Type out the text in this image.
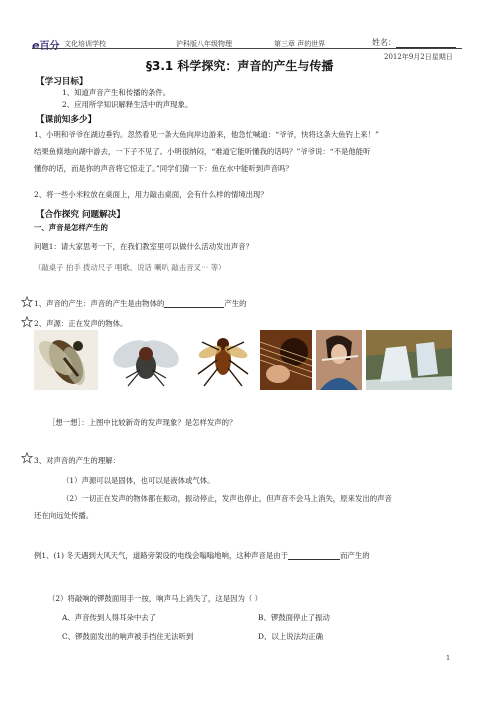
e百分 文化培训学校	沪科版八年级物理	第三章 声的世界	姓名：
2012年9月2日星期日
§3.1 科学探究：声音的产生与传播
【学习目标】
1、知道声音产生和传播的条件。
2、应用所学知识解释生活中的声现象。
【课前知多少】
1、小明和爷爷在湖边垂钓。忽然看见一条大鱼向岸边游来，他急忙喊道：“爷爷，快将这条大鱼钓上来！”
结果鱼倏地向湖中游去，一下子不见了。小明很纳闷，“难道它能听懂我的话吗？”爷爷说：“不是他能听
懂你的话，而是你的声音将它惊走了。”同学们猜一下：鱼在水中能听到声音吗？
2、将一些小米粒放在桌面上，用力敲击桌面，会有什么样的情境出现？
【合作探究 问题解决】
一、声音是怎样产生的
问题1：请大家思考一下，在我们教室里可以做什么活动发出声音？
（敲桌子 拍手 拨动尺子 唱歌、说话 喇叭 敲击音叉⋯ 等）
1、声音的产生：声音的产生是由物体的	产生的
2、声源：正在发声的物体。
［想一想］：上图中比较新奇的发声现象？是怎样发声的？
3、对声音的产生的理解：
（1）声源可以是固体，也可以是液体或气体。
（2）一切正在发声的物体都在振动，振动停止，发声也停止，但声音不会马上消失，原来发出的声音
还在向远处传播。
例1、(1) 冬天遇到大风天气，道路旁架设的电线会嗡嗡地响，这种声音是由于	而产生的
（2）将敲响的锣鼓面用手一按，响声马上消失了，这是因为（ ）
A、声音传到人得耳朵中去了	B、锣鼓面停止了振动
C、锣鼓面发出的响声被手挡住无法听到	D、以上说法均正确
1
